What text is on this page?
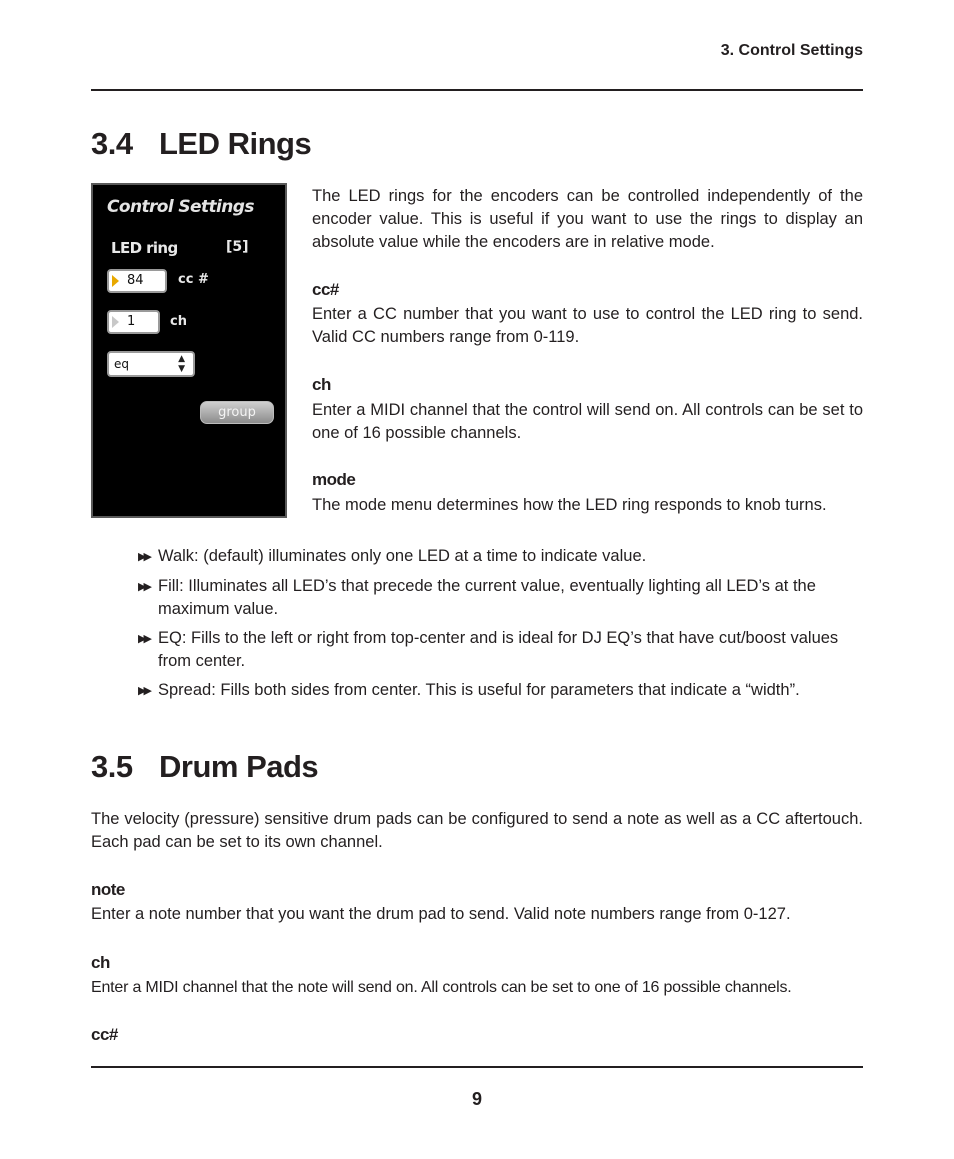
3. Control Settings
3.4 LED Rings
Control Settings
LED ring	[5]
84	cc #
1	ch
eq	▲
▼
group
The LED rings for the encoders can be controlled independently of the encoder value. This is useful if you want to use the rings to display an absolute value while the encoders are in relative mode.
cc#
Enter a CC number that you want to use to control the LED ring to send. Valid CC numbers range from 0-119.
ch
Enter a MIDI channel that the control will send on. All controls can be set to one of 16 possible channels.
mode
The mode menu determines how the LED ring responds to knob turns.
▶▶ Walk: (default) illuminates only one LED at a time to indicate value.
▶▶ Fill: Illuminates all LED’s that precede the current value, eventually lighting all LED’s at the maximum value.
▶▶ EQ: Fills to the left or right from top-center and is ideal for DJ EQ’s that have cut/boost values from center.
▶▶ Spread: Fills both sides from center. This is useful for parameters that indicate a “width”.
3.5 Drum Pads
The velocity (pressure) sensitive drum pads can be configured to send a note as well as a CC aftertouch. Each pad can be set to its own channel.
note
Enter a note number that you want the drum pad to send. Valid note numbers range from 0-127.
ch
Enter a MIDI channel that the note will send on. All controls can be set to one of 16 possible channels.
cc#
9
